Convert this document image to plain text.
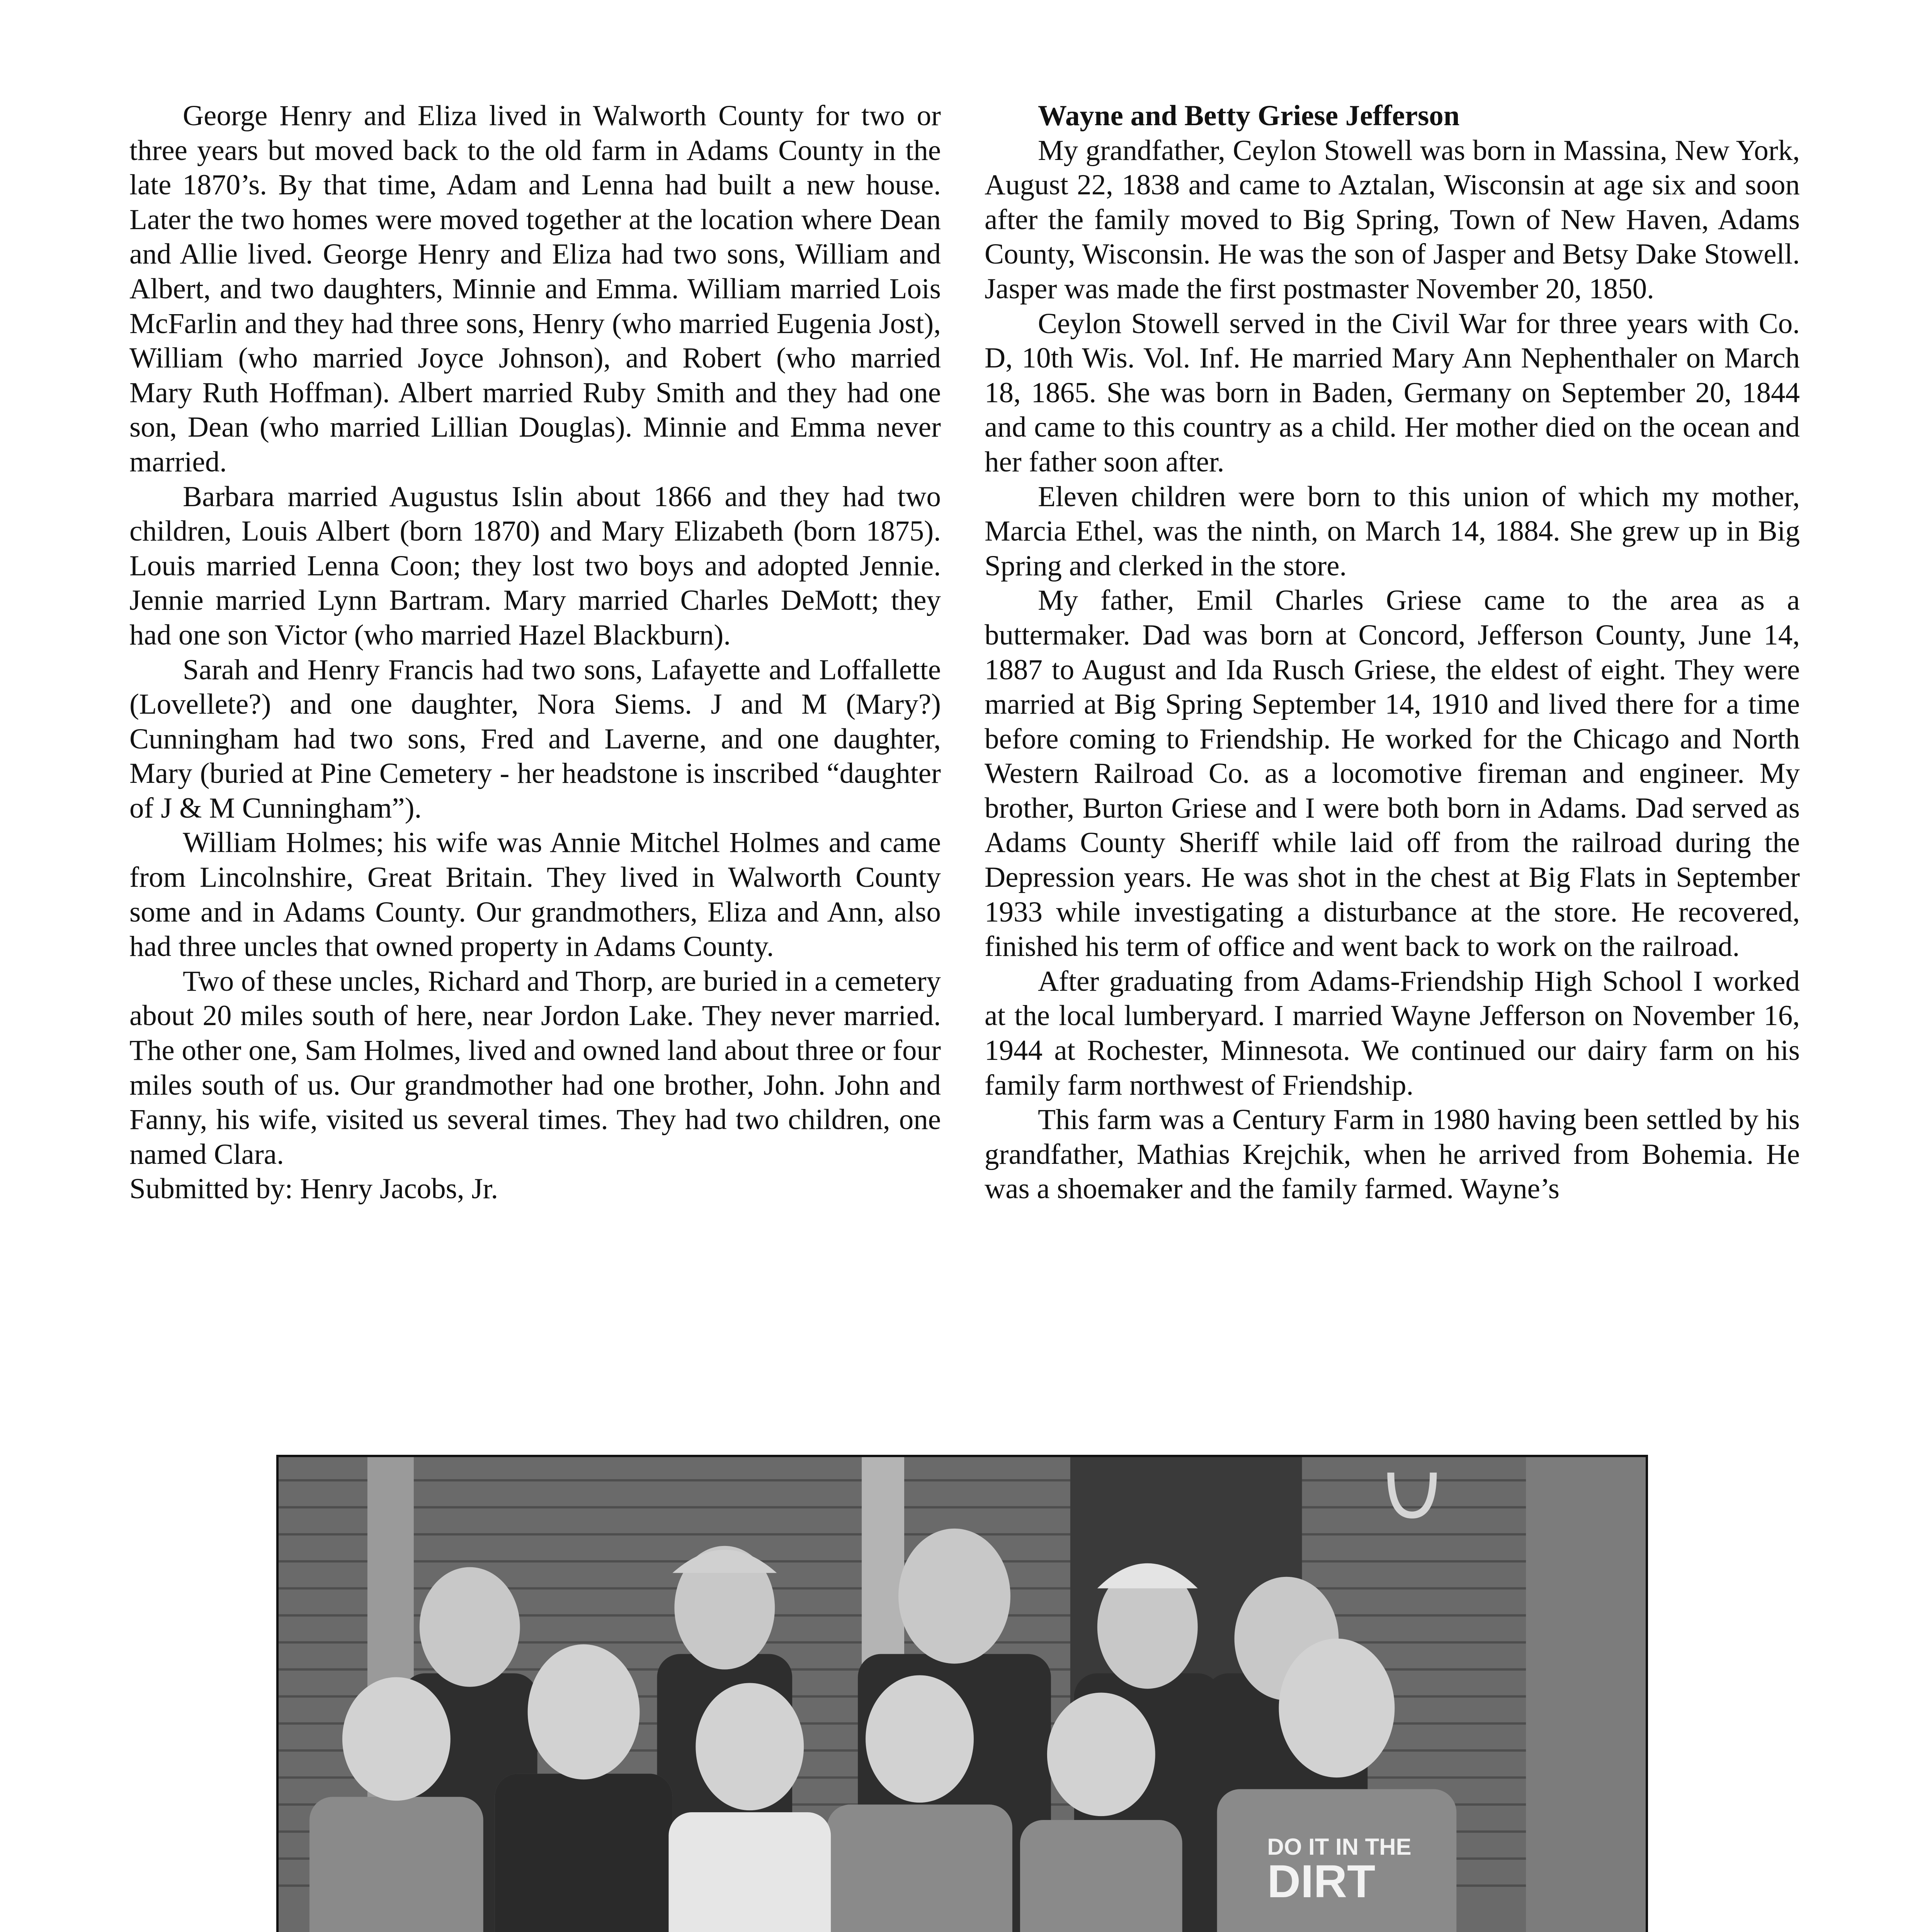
George Henry and Eliza lived in Walworth County for two or three years but moved back to the old farm in Adams County in the late 1870’s. By that time, Adam and Lenna had built a new house. Later the two homes were moved together at the location where Dean and Allie lived. George Henry and Eliza had two sons, William and Albert, and two daughters, Minnie and Emma. William married Lois McFarlin and they had three sons, Henry (who married Eugenia Jost), William (who married Joyce Johnson), and Robert (who married Mary Ruth Hoffman). Albert married Ruby Smith and they had one son, Dean (who married Lillian Douglas). Minnie and Emma never married.

Barbara married Augustus Islin about 1866 and they had two children, Louis Albert (born 1870) and Mary Elizabeth (born 1875). Louis married Lenna Coon; they lost two boys and adopted Jennie. Jennie married Lynn Bartram. Mary married Charles DeMott; they had one son Victor (who married Hazel Blackburn).

Sarah and Henry Francis had two sons, Lafayette and Loffallette (Lovellete?) and one daughter, Nora Siems. J and M (Mary?) Cunningham had two sons, Fred and Laverne, and one daughter, Mary (buried at Pine Cemetery - her headstone is inscribed “daughter of J & M Cunningham”).

William Holmes; his wife was Annie Mitchel Holmes and came from Lincolnshire, Great Britain. They lived in Walworth County some and in Adams County. Our grandmothers, Eliza and Ann, also had three uncles that owned property in Adams County.

Two of these uncles, Richard and Thorp, are buried in a cemetery about 20 miles south of here, near Jordon Lake. They never married. The other one, Sam Holmes, lived and owned land about three or four miles south of us. Our grandmother had one brother, John. John and Fanny, his wife, visited us several times. They had two children, one named Clara.

Submitted by: Henry Jacobs, Jr.

Wayne and Betty Griese Jefferson

My grandfather, Ceylon Stowell was born in Massina, New York, August 22, 1838 and came to Aztalan, Wisconsin at age six and soon after the family moved to Big Spring, Town of New Haven, Adams County, Wisconsin. He was the son of Jasper and Betsy Dake Stowell. Jasper was made the first postmaster November 20, 1850.

Ceylon Stowell served in the Civil War for three years with Co. D, 10th Wis. Vol. Inf. He married Mary Ann Nephenthaler on March 18, 1865. She was born in Baden, Germany on September 20, 1844 and came to this country as a child. Her mother died on the ocean and her father soon after.

Eleven children were born to this union of which my mother, Marcia Ethel, was the ninth, on March 14, 1884. She grew up in Big Spring and clerked in the store.

My father, Emil Charles Griese came to the area as a buttermaker. Dad was born at Concord, Jefferson County, June 14, 1887 to August and Ida Rusch Griese, the eldest of eight. They were married at Big Spring September 14, 1910 and lived there for a time before coming to Friendship. He worked for the Chicago and North Western Railroad Co. as a locomotive fireman and engineer. My brother, Burton Griese and I were both born in Adams. Dad served as Adams County Sheriff while laid off from the railroad during the Depression years. He was shot in the chest at Big Flats in September 1933 while investigating a disturbance at the store. He recovered, finished his term of office and went back to work on the railroad.

After graduating from Adams-Friendship High School I worked at the local lumberyard. I married Wayne Jefferson on November 16, 1944 at Rochester, Minnesota. We continued our dairy farm on his family farm northwest of Friendship.

This farm was a Century Farm in 1980 having been settled by his grandfather, Mathias Krejchik, when he arrived from Bohemia. He was a shoemaker and the family farmed. Wayne’s

DO IT IN THE
DIRT
